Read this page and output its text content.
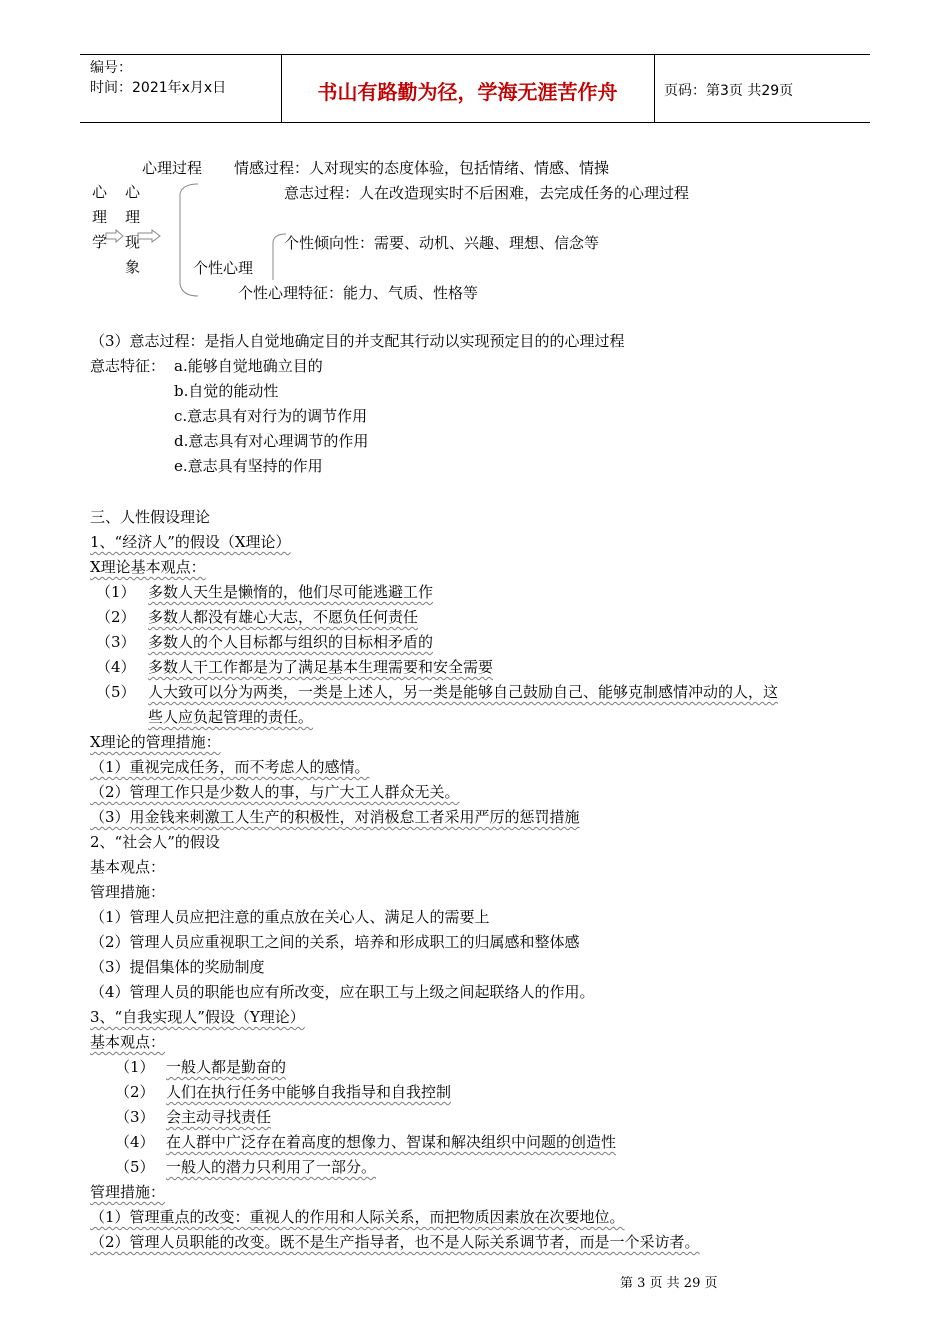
编号：
时间：2021年x月x日	书山有路勤为径，学海无涯苦作舟	页码：第3页 共29页
心
理
学
心
理
现
象
心理过程 情感过程：人对现实的态度体验，包括情绪、情感、情操
意志过程：人在改造现实时不后困难，去完成任务的心理过程
个性倾向性：需要、动机、兴趣、理想、信念等
个性心理
个性心理特征：能力、气质、性格等
（3）意志过程：是指人自觉地确定目的并支配其行动以实现预定目的的心理过程
意志特征： a.能够自觉地确立目的
b.自觉的能动性
c.意志具有对行为的调节作用
d.意志具有对心理调节的作用
e.意志具有坚持的作用
三、人性假设理论
1、“经济人”的假设（X理论）
X理论基本观点：
（1） 多数人天生是懒惰的，他们尽可能逃避工作
（2） 多数人都没有雄心大志，不愿负任何责任
（3） 多数人的个人目标都与组织的目标相矛盾的
（4） 多数人干工作都是为了满足基本生理需要和安全需要
（5） 人大致可以分为两类，一类是上述人，另一类是能够自己鼓励自己、能够克制感情冲动的人，这
些人应负起管理的责任。
X理论的管理措施：
（1）重视完成任务，而不考虑人的感情。
（2）管理工作只是少数人的事，与广大工人群众无关。
（3）用金钱来刺激工人生产的积极性，对消极怠工者采用严厉的惩罚措施
2、“社会人”的假设
基本观点：
管理措施：
（1）管理人员应把注意的重点放在关心人、满足人的需要上
（2）管理人员应重视职工之间的关系，培养和形成职工的归属感和整体感
（3）提倡集体的奖励制度
（4）管理人员的职能也应有所改变，应在职工与上级之间起联络人的作用。
3、“自我实现人”假设（Y理论）
基本观点：
（1） 一般人都是勤奋的
（2） 人们在执行任务中能够自我指导和自我控制
（3） 会主动寻找责任
（4） 在人群中广泛存在着高度的想像力、智谋和解决组织中问题的创造性
（5） 一般人的潜力只利用了一部分。
管理措施：
（1）管理重点的改变：重视人的作用和人际关系，而把物质因素放在次要地位。
（2）管理人员职能的改变。既不是生产指导者，也不是人际关系调节者，而是一个采访者。
第 3 页 共 29 页
